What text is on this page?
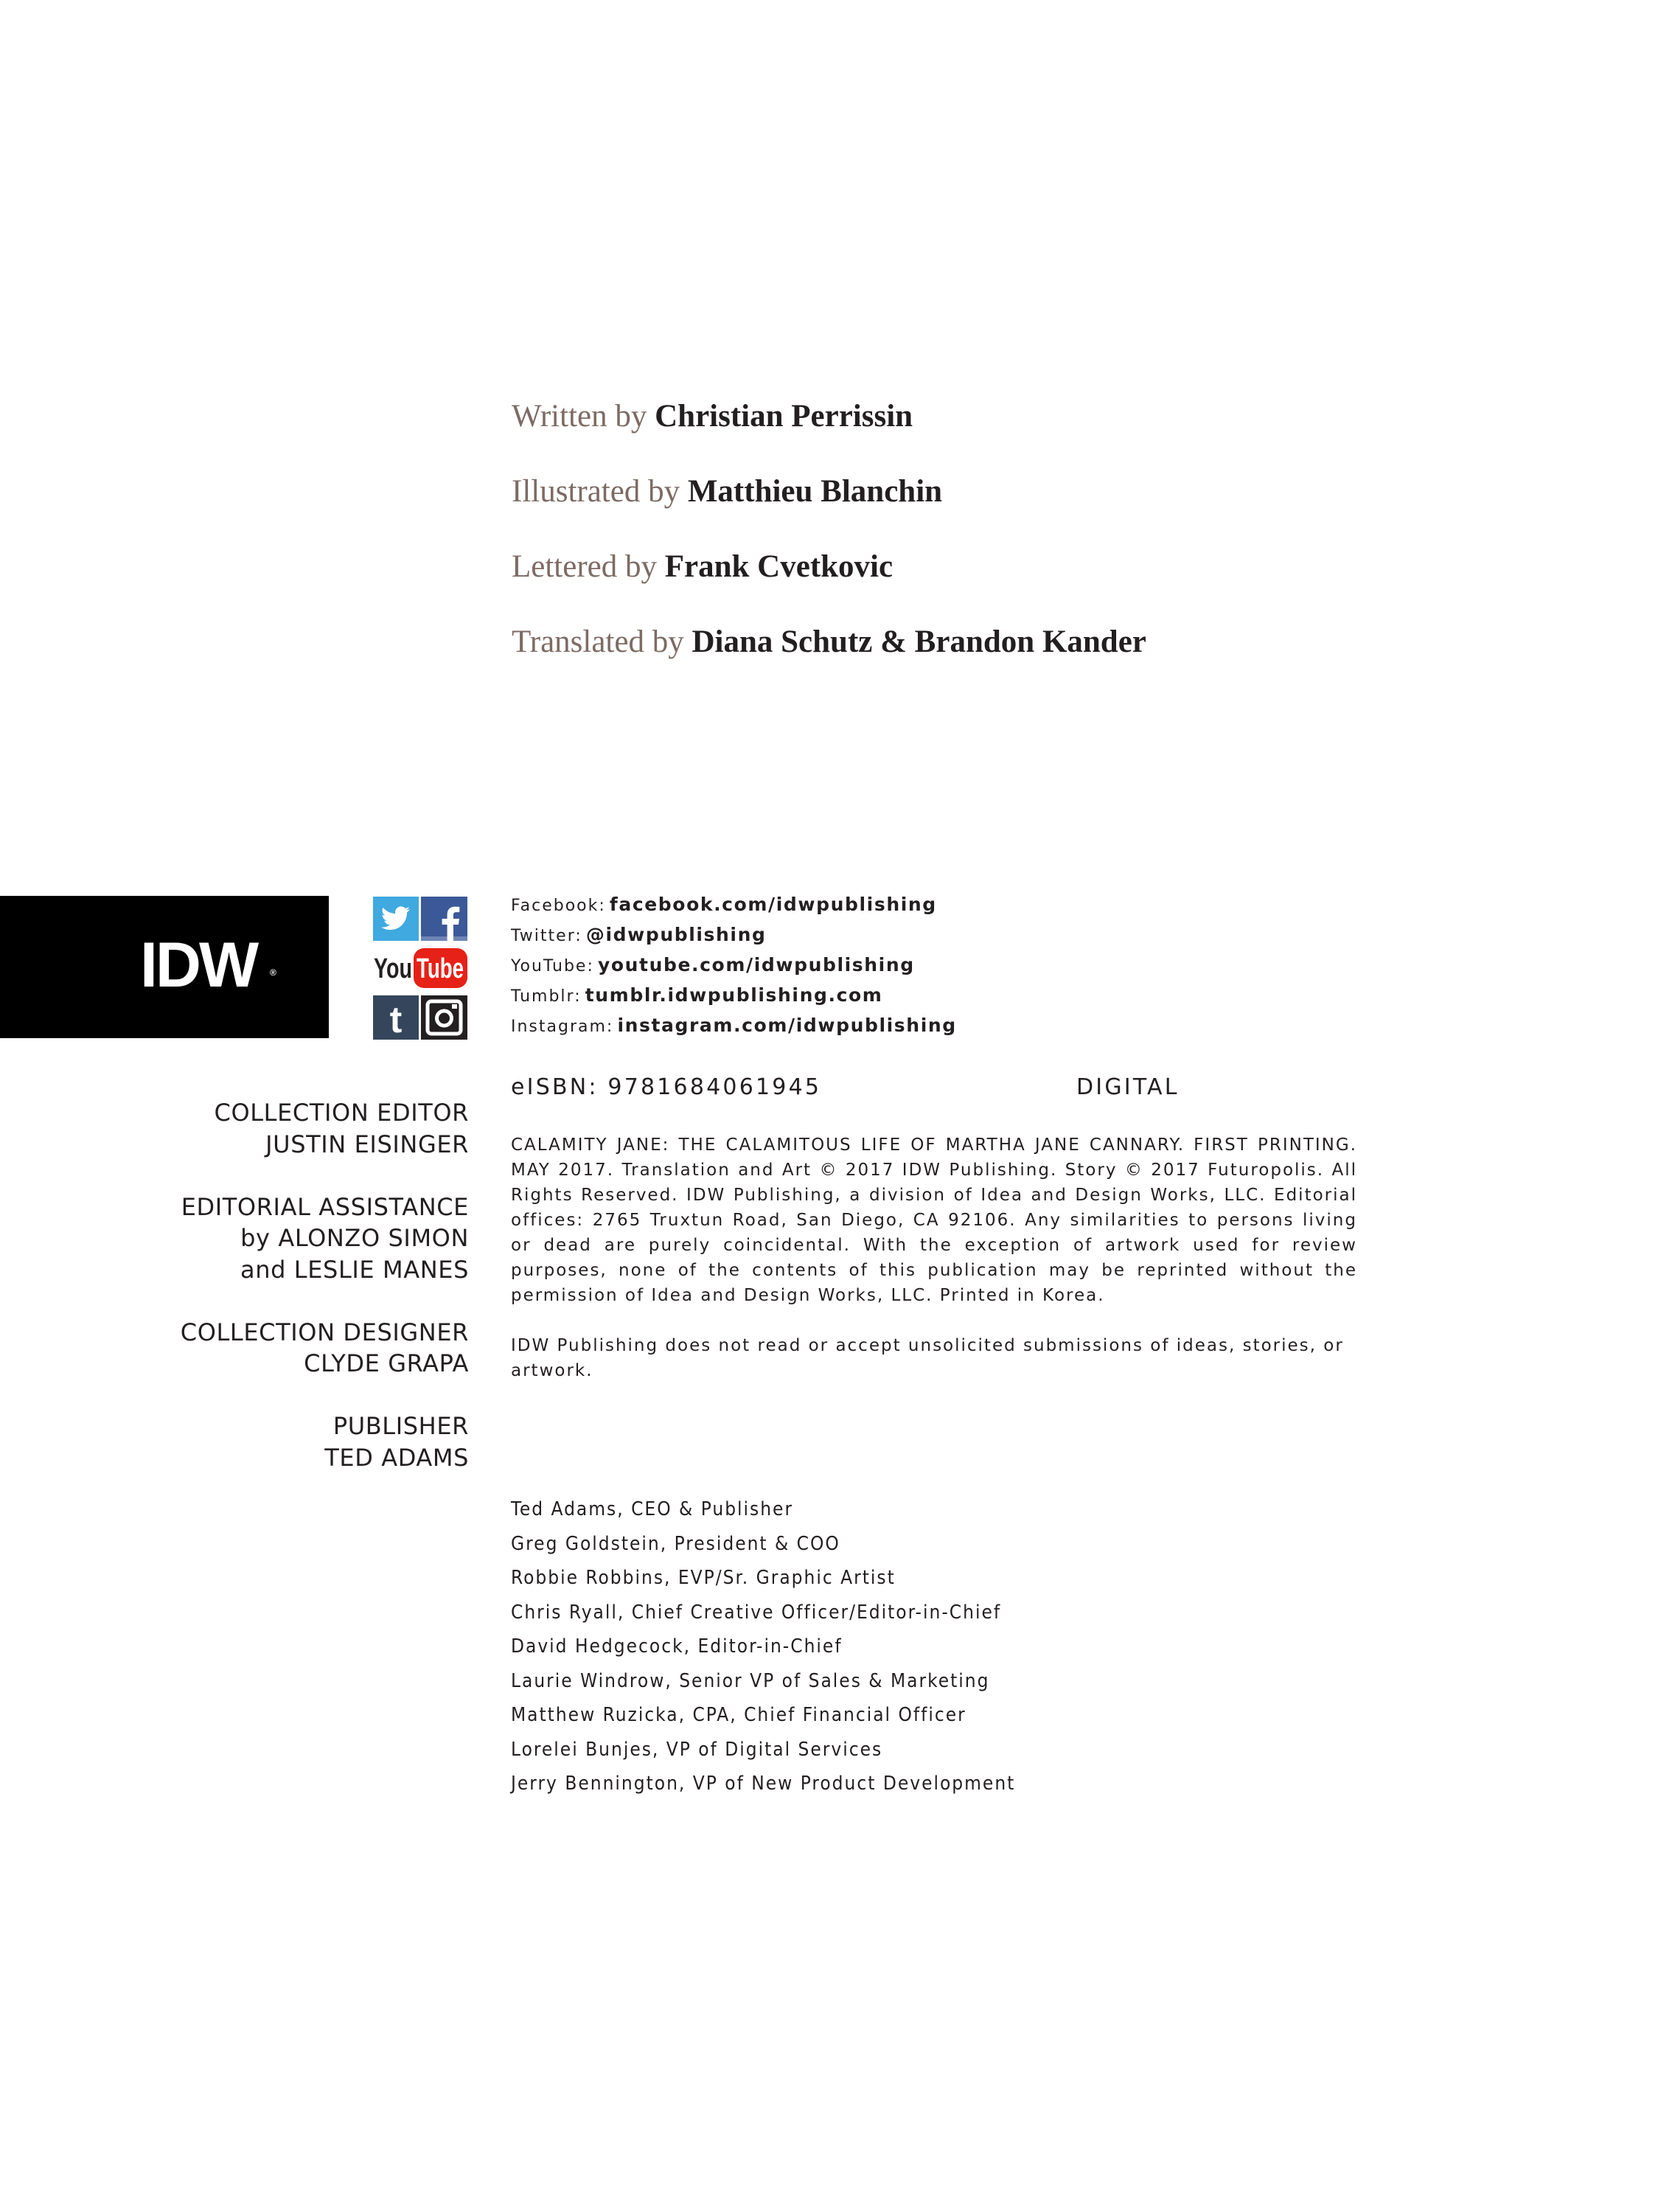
Written by Christian Perrissin
Illustrated by Matthieu Blanchin
Lettered by Frank Cvetkovic
Translated by Diana Schutz & Brandon Kander
IDW ®	You Tube
t
Facebook: facebook.com/idwpublishing
Twitter: @idwpublishing
YouTube: youtube.com/idwpublishing
Tumblr: tumblr.idwpublishing.com
Instagram: instagram.com/idwpublishing
eISBN: 9781684061945	DIGITAL

CALAMITY JANE: THE CALAMITOUS LIFE OF MARTHA JANE CANNARY. FIRST PRINTING. MAY 2017. Translation and Art © 2017 IDW Publishing. Story © 2017 Futuropolis. All Rights Reserved. IDW Publishing, a division of Idea and Design Works, LLC. Editorial offices: 2765 Truxtun Road, San Diego, CA 92106. Any similarities to persons living or dead are purely coincidental. With the exception of artwork used for review purposes, none of the contents of this publication may be reprinted without the permission of Idea and Design Works, LLC. Printed in Korea.

IDW Publishing does not read or accept unsolicited submissions of ideas, stories, or artwork.

COLLECTION EDITOR
JUSTIN EISINGER
EDITORIAL ASSISTANCE
by ALONZO SIMON
and LESLIE MANES
COLLECTION DESIGNER
CLYDE GRAPA
PUBLISHER
TED ADAMS
Ted Adams, CEO & Publisher
Greg Goldstein, President & COO
Robbie Robbins, EVP/Sr. Graphic Artist
Chris Ryall, Chief Creative Officer/Editor-in-Chief
David Hedgecock, Editor-in-Chief
Laurie Windrow, Senior VP of Sales & Marketing
Matthew Ruzicka, CPA, Chief Financial Officer
Lorelei Bunjes, VP of Digital Services
Jerry Bennington, VP of New Product Development
